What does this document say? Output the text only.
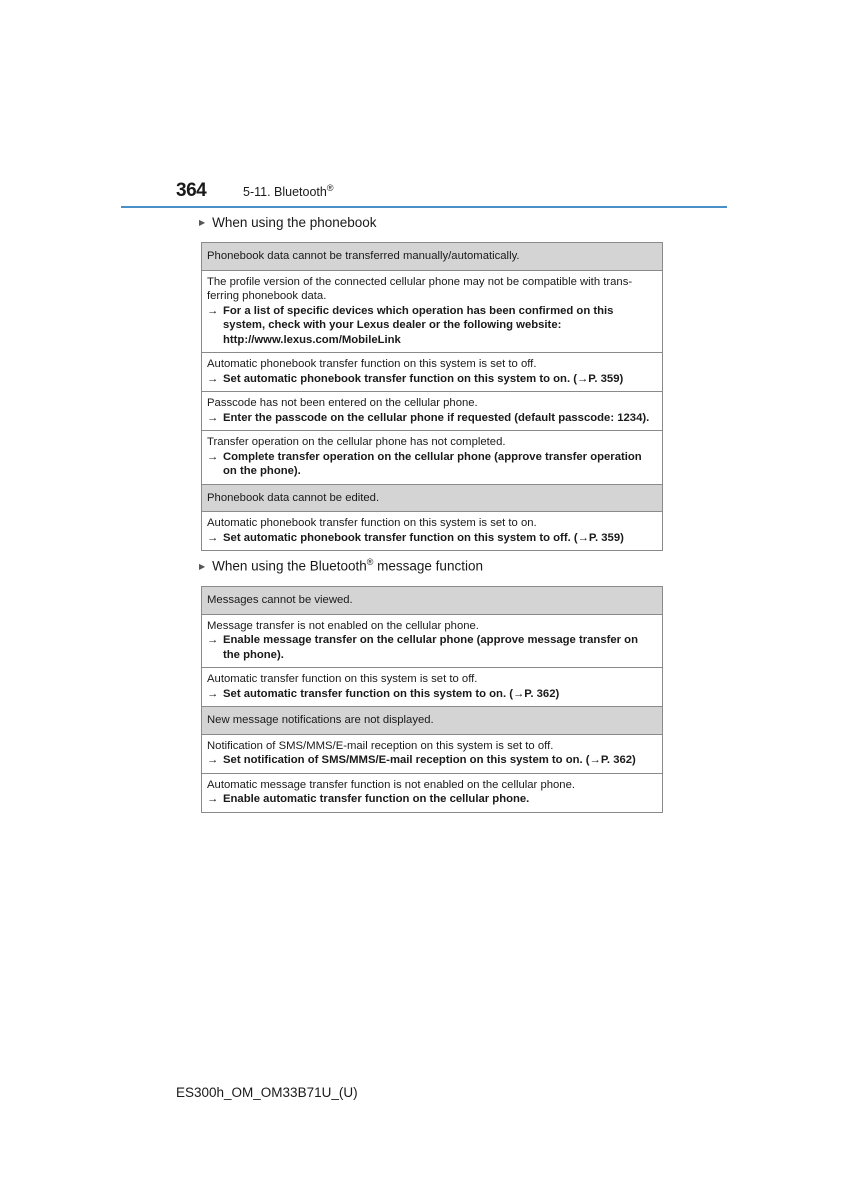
364	5-11. Bluetooth®
▶ When using the phonebook
Phonebook data cannot be transferred manually/automatically.
The profile version of the connected cellular phone may not be compatible with trans-
ferring phonebook data.
→ For a list of specific devices which operation has been confirmed on this system, check with your Lexus dealer or the following website: http://www.lexus.com/MobileLink
Automatic phonebook transfer function on this system is set to off.
→ Set automatic phonebook transfer function on this system to on. (→P. 359)
Passcode has not been entered on the cellular phone.
→ Enter the passcode on the cellular phone if requested (default passcode: 1234).
Transfer operation on the cellular phone has not completed.
→ Complete transfer operation on the cellular phone (approve transfer operation on the phone).
Phonebook data cannot be edited.
Automatic phonebook transfer function on this system is set to on.
→ Set automatic phonebook transfer function on this system to off. (→P. 359)
▶ When using the Bluetooth® message function
Messages cannot be viewed.
Message transfer is not enabled on the cellular phone.
→ Enable message transfer on the cellular phone (approve message transfer on the phone).
Automatic transfer function on this system is set to off.
→ Set automatic transfer function on this system to on. (→P. 362)
New message notifications are not displayed.
Notification of SMS/MMS/E-mail reception on this system is set to off.
→ Set notification of SMS/MMS/E-mail reception on this system to on. (→P. 362)
Automatic message transfer function is not enabled on the cellular phone.
→ Enable automatic transfer function on the cellular phone.
ES300h_OM_OM33B71U_(U)
